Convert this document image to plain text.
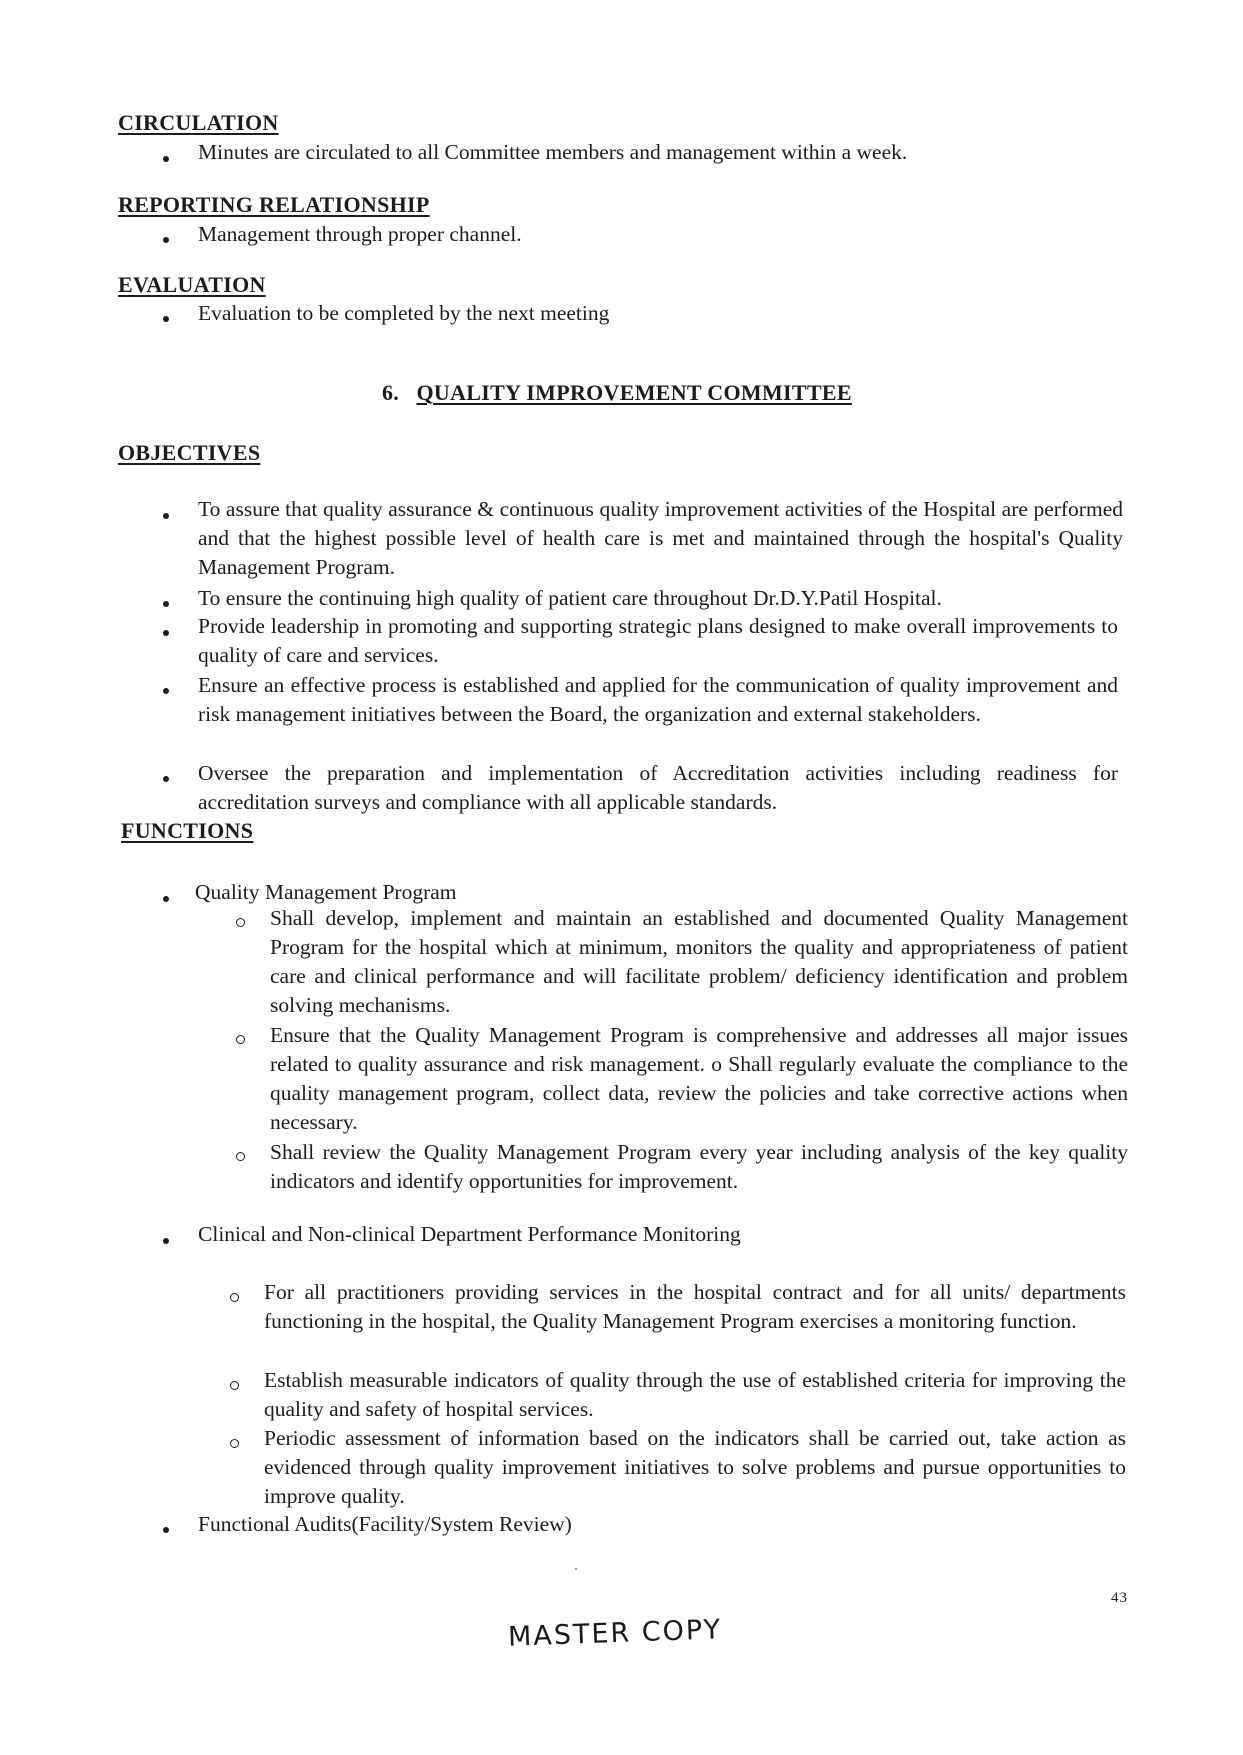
CIRCULATION
Minutes are circulated to all Committee members and management within a week.
REPORTING RELATIONSHIP
Management through proper channel.
EVALUATION
Evaluation to be completed by the next meeting
6. QUALITY IMPROVEMENT COMMITTEE
OBJECTIVES
To assure that quality assurance & continuous quality improvement activities of the Hospital are performed and that the highest possible level of health care is met and maintained through the hospital's Quality Management Program.
To ensure the continuing high quality of patient care throughout Dr.D.Y.Patil Hospital.
Provide leadership in promoting and supporting strategic plans designed to make overall improvements to quality of care and services.
Ensure an effective process is established and applied for the communication of quality improvement and risk management initiatives between the Board, the organization and external stakeholders.
Oversee the preparation and implementation of Accreditation activities including readiness for accreditation surveys and compliance with all applicable standards.
FUNCTIONS
Quality Management Program
Shall develop, implement and maintain an established and documented Quality Management Program for the hospital which at minimum, monitors the quality and appropriateness of patient care and clinical performance and will facilitate problem/ deficiency identification and problem solving mechanisms.
Ensure that the Quality Management Program is comprehensive and addresses all major issues related to quality assurance and risk management. o Shall regularly evaluate the compliance to the quality management program, collect data, review the policies and take corrective actions when necessary.
Shall review the Quality Management Program every year including analysis of the key quality indicators and identify opportunities for improvement.
Clinical and Non-clinical Department Performance Monitoring
For all practitioners providing services in the hospital contract and for all units/ departments functioning in the hospital, the Quality Management Program exercises a monitoring function.
Establish measurable indicators of quality through the use of established criteria for improving the quality and safety of hospital services.
Periodic assessment of information based on the indicators shall be carried out, take action as evidenced through quality improvement initiatives to solve problems and pursue opportunities to improve quality.
Functional Audits(Facility/System Review)
43
MASTER COPY
